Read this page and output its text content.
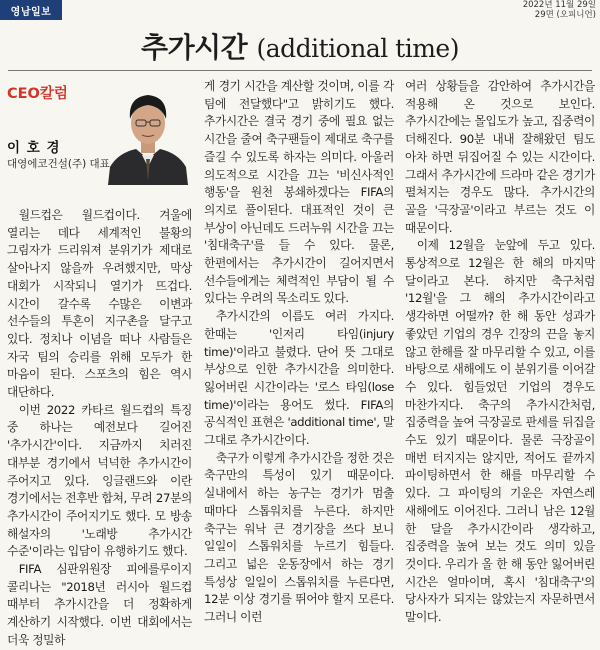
영남일보
2022년 11월 29일
29면 (오피니언)
추가시간 (additional time)
CEO칼럼
이 호 경
대영에코건설(주) 대표

월드컵은 월드컵이다. 겨울에 열리는 데다 세계적인 불황의 그림자가 드리워져 분위기가 제대로 살아나지 않을까 우려했지만, 막상 대회가 시작되니 열기가 뜨겁다. 시간이 갈수록 수많은 이변과 선수들의 투혼이 지구촌을 달구고 있다. 정치나 이념을 떠나 사람들은 자국 팀의 승리를 위해 모두가 한 마음이 된다. 스포츠의 힘은 역시 대단하다.

이번 2022 카타르 월드컵의 특징 중 하나는 예전보다 길어진 '추가시간'이다. 지금까지 치러진 대부분 경기에서 넉넉한 추가시간이 주어지고 있다. 잉글랜드와 이란 경기에서는 전후반 합쳐, 무려 27분의 추가시간이 주어지기도 했다. 모 방송 해설자의 '노래방 추가시간 수준'이라는 입담이 유행하기도 했다.

FIFA 심판위원장 피에를루이지 콜리나는 "2018년 러시아 월드컵 때부터 추가시간을 더 정확하게 계산하기 시작했다. 이번 대회에서는 더욱 정밀하

게 경기 시간을 계산할 것이며, 이를 각 팀에 전달했다"고 밝히기도 했다. 추가시간은 결국 경기 중에 필요 없는 시간을 줄여 축구팬들이 제대로 축구를 즐길 수 있도록 하자는 의미다. 아울러 의도적으로 시간을 끄는 '비신사적인 행동'을 원천 봉쇄하겠다는 FIFA의 의지로 풀이된다. 대표적인 것이 큰 부상이 아닌데도 드러누워 시간을 끄는 '침대축구'를 들 수 있다. 물론, 한편에서는 추가시간이 길어지면서 선수들에게는 체력적인 부담이 될 수 있다는 우려의 목소리도 있다.

추가시간의 이름도 여러 가지다. 한때는 '인저리 타임(injury time)'이라고 불렸다. 단어 뜻 그대로 부상으로 인한 추가시간을 의미한다. 잃어버린 시간이라는 '로스 타임(lose time)'이라는 용어도 썼다. FIFA의 공식적인 표현은 'additional time', 말 그대로 추가시간이다.

축구가 이렇게 추가시간을 정한 것은 축구만의 특성이 있기 때문이다. 실내에서 하는 농구는 경기가 멈출 때마다 스톱워치를 누른다. 하지만 축구는 워낙 큰 경기장을 쓰다 보니 일일이 스톱워치를 누르기 힘들다. 그리고 넓은 운동장에서 하는 경기 특성상 일일이 스톱워치를 누른다면, 12분 이상 경기를 뛰어야 할지 모른다. 그러니 이런

여러 상황들을 감안하여 추가시간을 적용해 온 것으로 보인다. 추가시간에는 몰입도가 높고, 집중력이 더해진다. 90분 내내 잘해왔던 팀도 아차 하면 뒤집어질 수 있는 시간이다. 그래서 추가시간에 드라마 같은 경기가 펼쳐지는 경우도 많다. 추가시간의 골을 '극장골'이라고 부르는 것도 이 때문이다.

이제 12월을 눈앞에 두고 있다. 통상적으로 12월은 한 해의 마지막 달이라고 본다. 하지만 축구처럼 '12월'을 그 해의 추가시간이라고 생각하면 어떨까? 한 해 동안 성과가 좋았던 기업의 경우 긴장의 끈을 놓지 않고 한해를 잘 마무리할 수 있고, 이를 바탕으로 새해에도 이 분위기를 이어갈 수 있다. 힘들었던 기업의 경우도 마찬가지다. 축구의 추가시간처럼, 집중력을 높여 극장골로 판세를 뒤집을 수도 있기 때문이다. 물론 극장골이 매번 터지지는 않지만, 적어도 끝까지 파이팅하면서 한 해를 마무리할 수 있다. 그 파이팅의 기운은 자연스레 새해에도 이어진다. 그러니 남은 12월 한 달을 추가시간이라 생각하고, 집중력을 높여 보는 것도 의미 있을 것이다. 우리가 올 한 해 동안 잃어버린 시간은 얼마이며, 혹시 '침대축구'의 당사자가 되지는 않았는지 자문하면서 말이다.
